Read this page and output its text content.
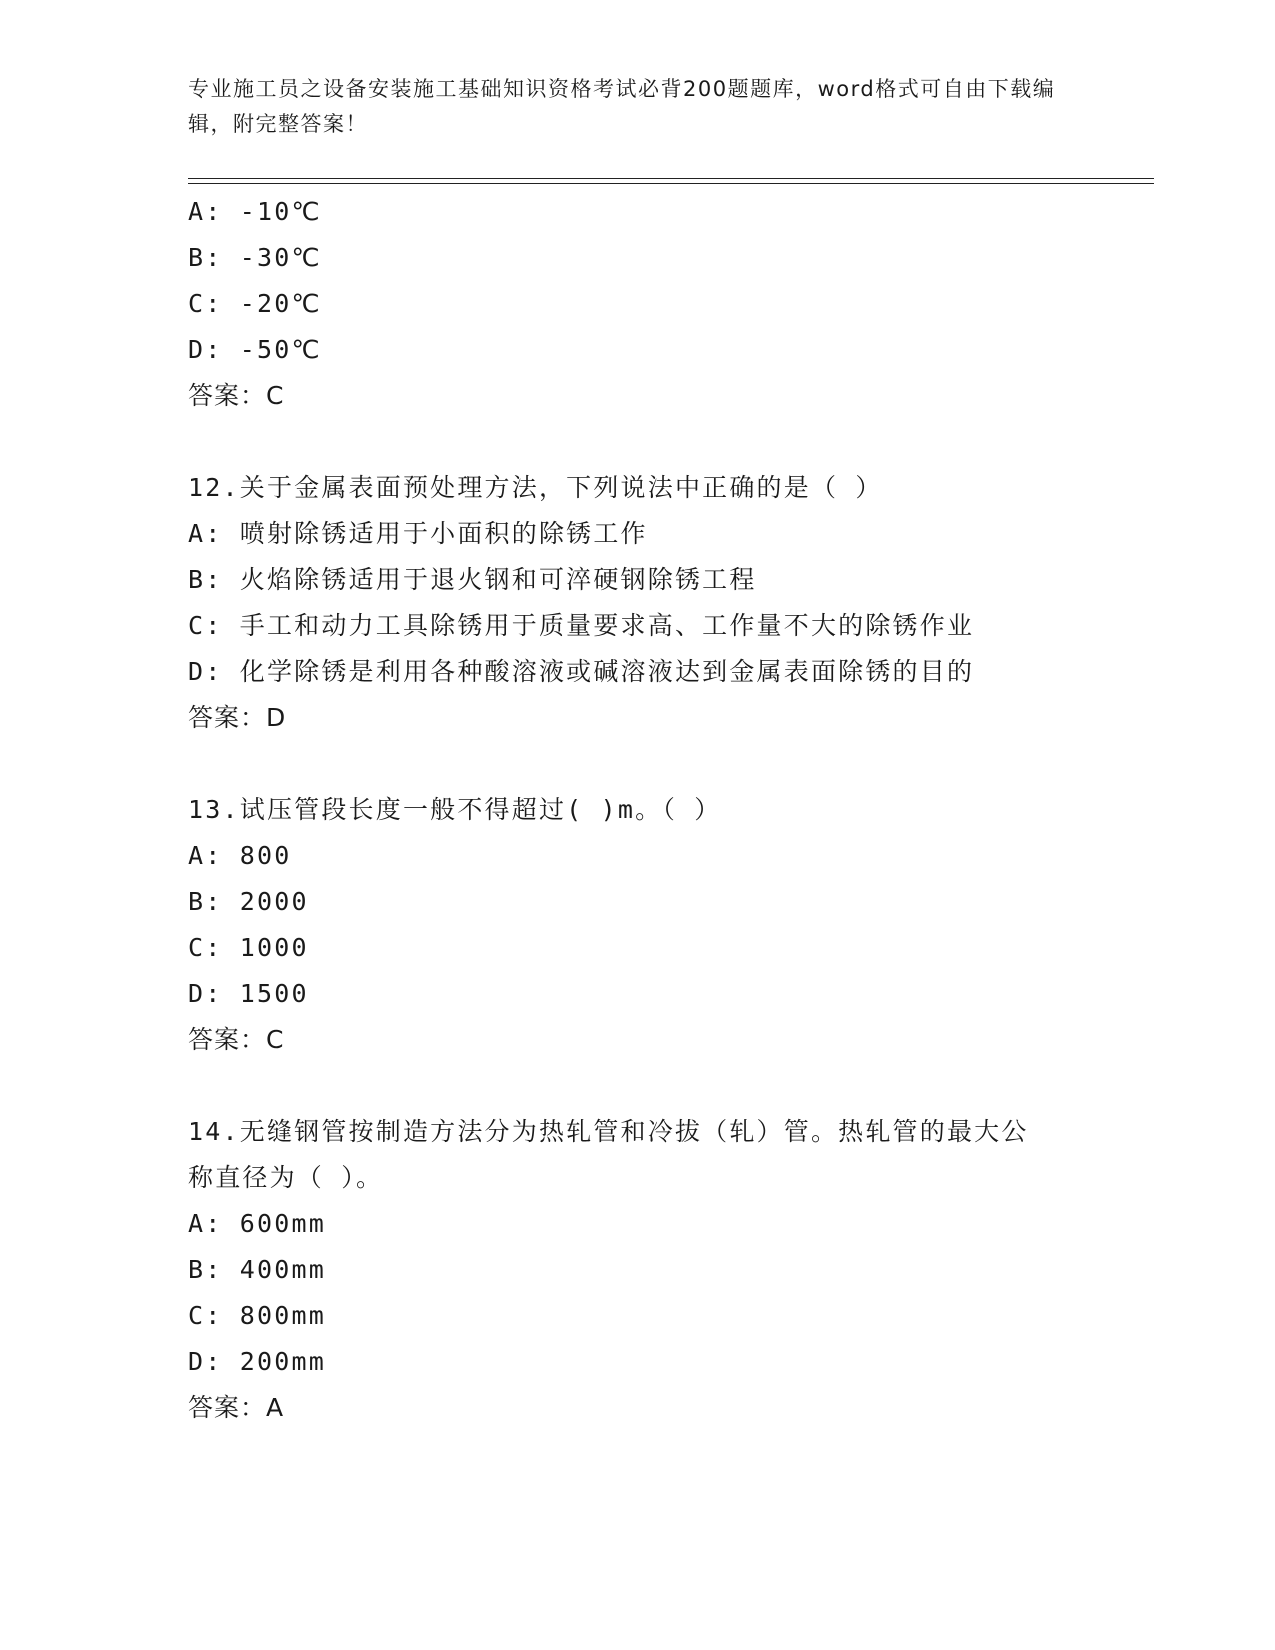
专业施工员之设备安装施工基础知识资格考试必背200题题库，word格式可自由下载编辑，附完整答案！
A: -10℃
B: -30℃
C: -20℃
D: -50℃
答案：C
12.关于金属表面预处理方法，下列说法中正确的是（ ）
A: 喷射除锈适用于小面积的除锈工作
B: 火焰除锈适用于退火钢和可淬硬钢除锈工程
C: 手工和动力工具除锈用于质量要求高、工作量不大的除锈作业
D: 化学除锈是利用各种酸溶液或碱溶液达到金属表面除锈的目的
答案：D
13.试压管段长度一般不得超过( )m。（ ）
A: 800
B: 2000
C: 1000
D: 1500
答案：C
14.无缝钢管按制造方法分为热轧管和冷拔（轧）管。热轧管的最大公
称直径为（ ）。
A: 600mm
B: 400mm
C: 800mm
D: 200mm
答案：A
